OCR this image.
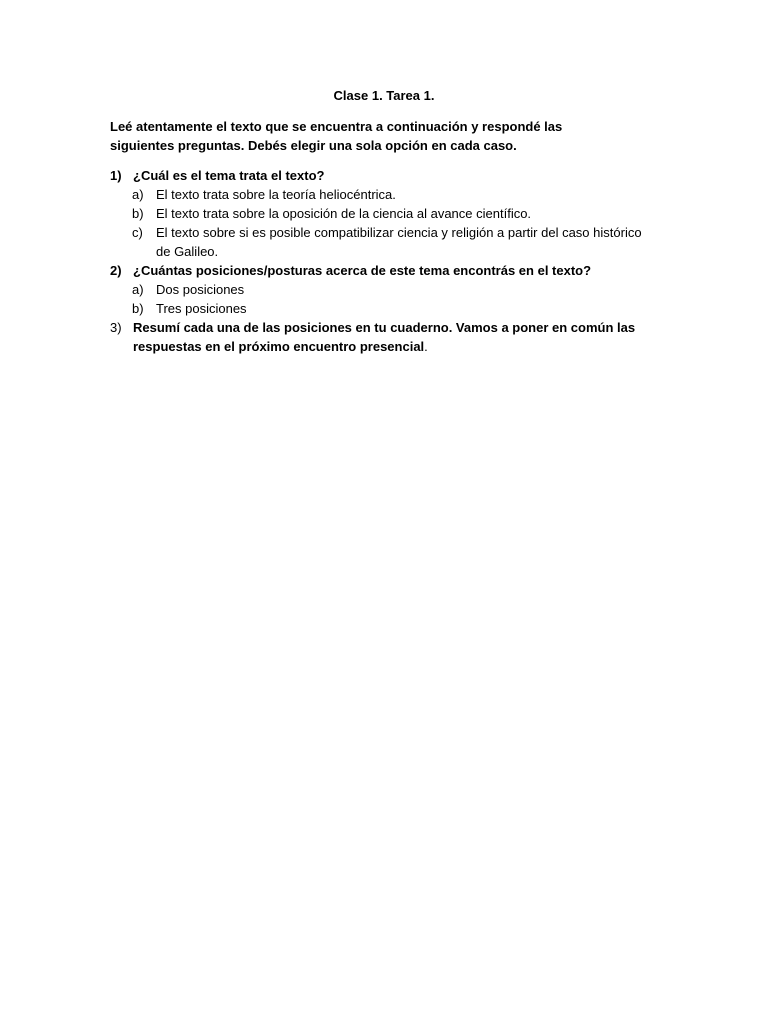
Clase 1. Tarea 1.
Leé atentamente el texto que se encuentra a continuación y respondé las siguientes preguntas. Debés elegir una sola opción en cada caso.
1) ¿Cuál es el tema trata el texto?
a) El texto trata sobre la teoría heliocéntrica.
b) El texto trata sobre la oposición de la ciencia al avance científico.
c) El texto sobre si es posible compatibilizar ciencia y religión a partir del caso histórico de Galileo.
2) ¿Cuántas posiciones/posturas acerca de este tema encontrás en el texto?
a) Dos posiciones
b) Tres posiciones
3) Resumí cada una de las posiciones en tu cuaderno. Vamos a poner en común las respuestas en el próximo encuentro presencial.
